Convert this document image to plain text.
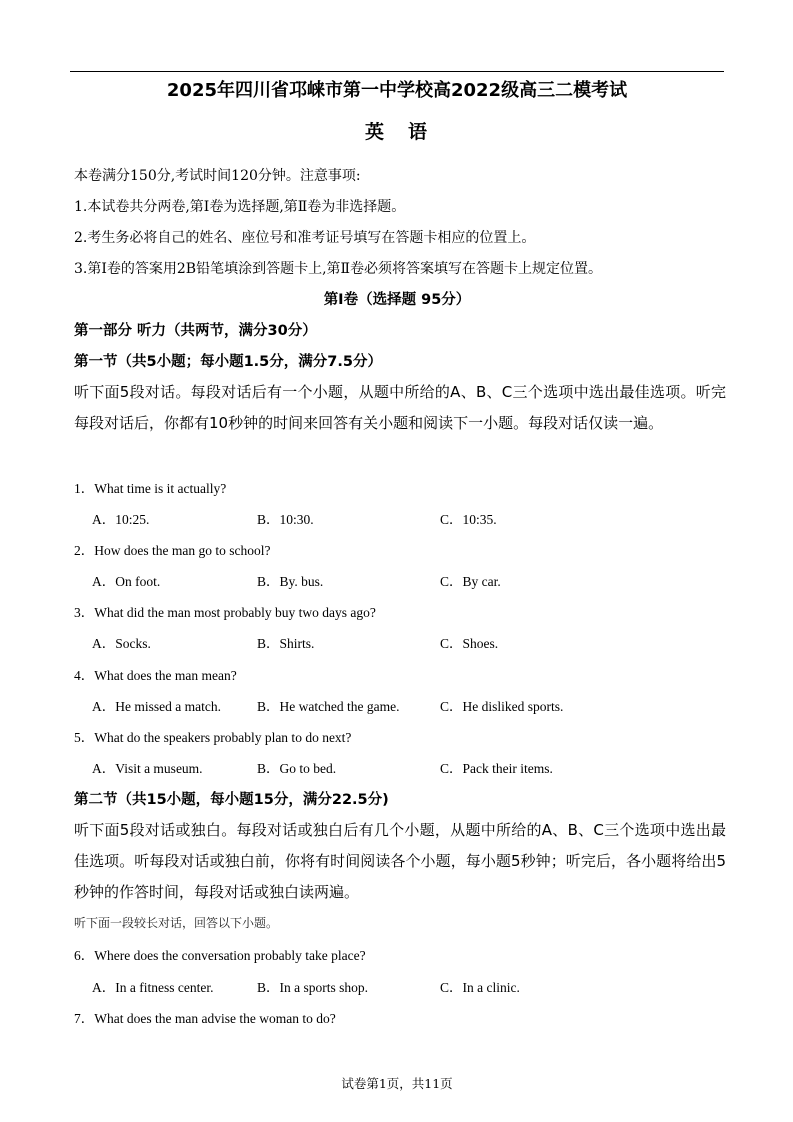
2025年四川省邛崃市第一中学校高2022级高三二模考试
英 语
本卷满分150分,考试时间120分钟。注意事项:
1.本试卷共分两卷,第Ⅰ卷为选择题,第Ⅱ卷为非选择题。
2.考生务必将自己的姓名、座位号和准考证号填写在答题卡相应的位置上。
3.第Ⅰ卷的答案用2B铅笔填涂到答题卡上,第Ⅱ卷必须将答案填写在答题卡上规定位置。
第I卷（选择题 95分）
第一部分 听力（共两节，满分30分）
第一节（共5小题；每小题1.5分，满分7.5分）
听下面5段对话。每段对话后有一个小题，从题中所给的A、B、C三个选项中选出最佳选项。听完每段对话后，你都有10秒钟的时间来回答有关小题和阅读下一小题。每段对话仅读一遍。
1．What time is it actually?
A．10:25.	B．10:30.	C．10:35.
2．How does the man go to school?
A．On foot.	B．By. bus.	C．By car.
3．What did the man most probably buy two days ago?
A．Socks.	B．Shirts.	C．Shoes.
4．What does the man mean?
A．He missed a match.	B．He watched the game.	C．He disliked sports.
5．What do the speakers probably plan to do next?
A．Visit a museum.	B．Go to bed.	C．Pack their items.
第二节（共15小题，每小题15分，满分22.5分)
听下面5段对话或独白。每段对话或独白后有几个小题，从题中所给的A、B、C三个选项中选出最佳选项。听每段对话或独白前，你将有时间阅读各个小题，每小题5秒钟；听完后，各小题将给出5秒钟的作答时间，每段对话或独白读两遍。
听下面一段较长对话，回答以下小题。
6．Where does the conversation probably take place?
A．In a fitness center.	B．In a sports shop.	C．In a clinic.
7．What does the man advise the woman to do?
试卷第1页，共11页
